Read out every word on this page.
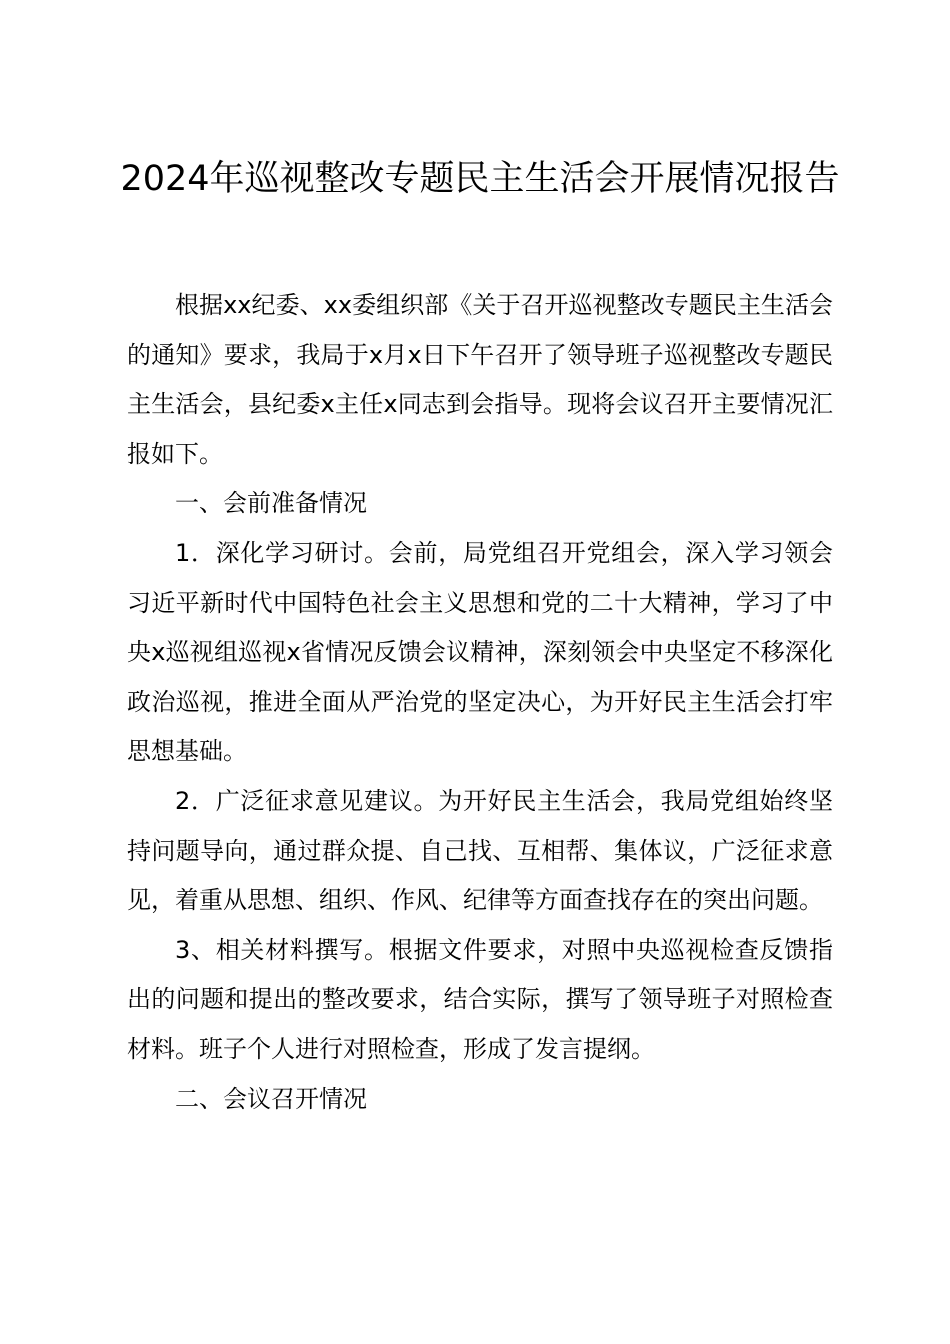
2024年巡视整改专题民主生活会开展情况报告

根据xx纪委、xx委组织部《关于召开巡视整改专题民主生活会的通知》要求，我局于x月x日下午召开了领导班子巡视整改专题民主生活会，县纪委x主任x同志到会指导。现将会议召开主要情况汇报如下。

一、会前准备情况

1．深化学习研讨。会前，局党组召开党组会，深入学习领会习近平新时代中国特色社会主义思想和党的二十大精神，学习了中央x巡视组巡视x省情况反馈会议精神，深刻领会中央坚定不移深化政治巡视，推进全面从严治党的坚定决心，为开好民主生活会打牢思想基础。

2．广泛征求意见建议。为开好民主生活会，我局党组始终坚持问题导向，通过群众提、自己找、互相帮、集体议，广泛征求意见，着重从思想、组织、作风、纪律等方面查找存在的突出问题。

3、相关材料撰写。根据文件要求，对照中央巡视检查反馈指出的问题和提出的整改要求，结合实际，撰写了领导班子对照检查材料。班子个人进行对照检查，形成了发言提纲。

二、会议召开情况
